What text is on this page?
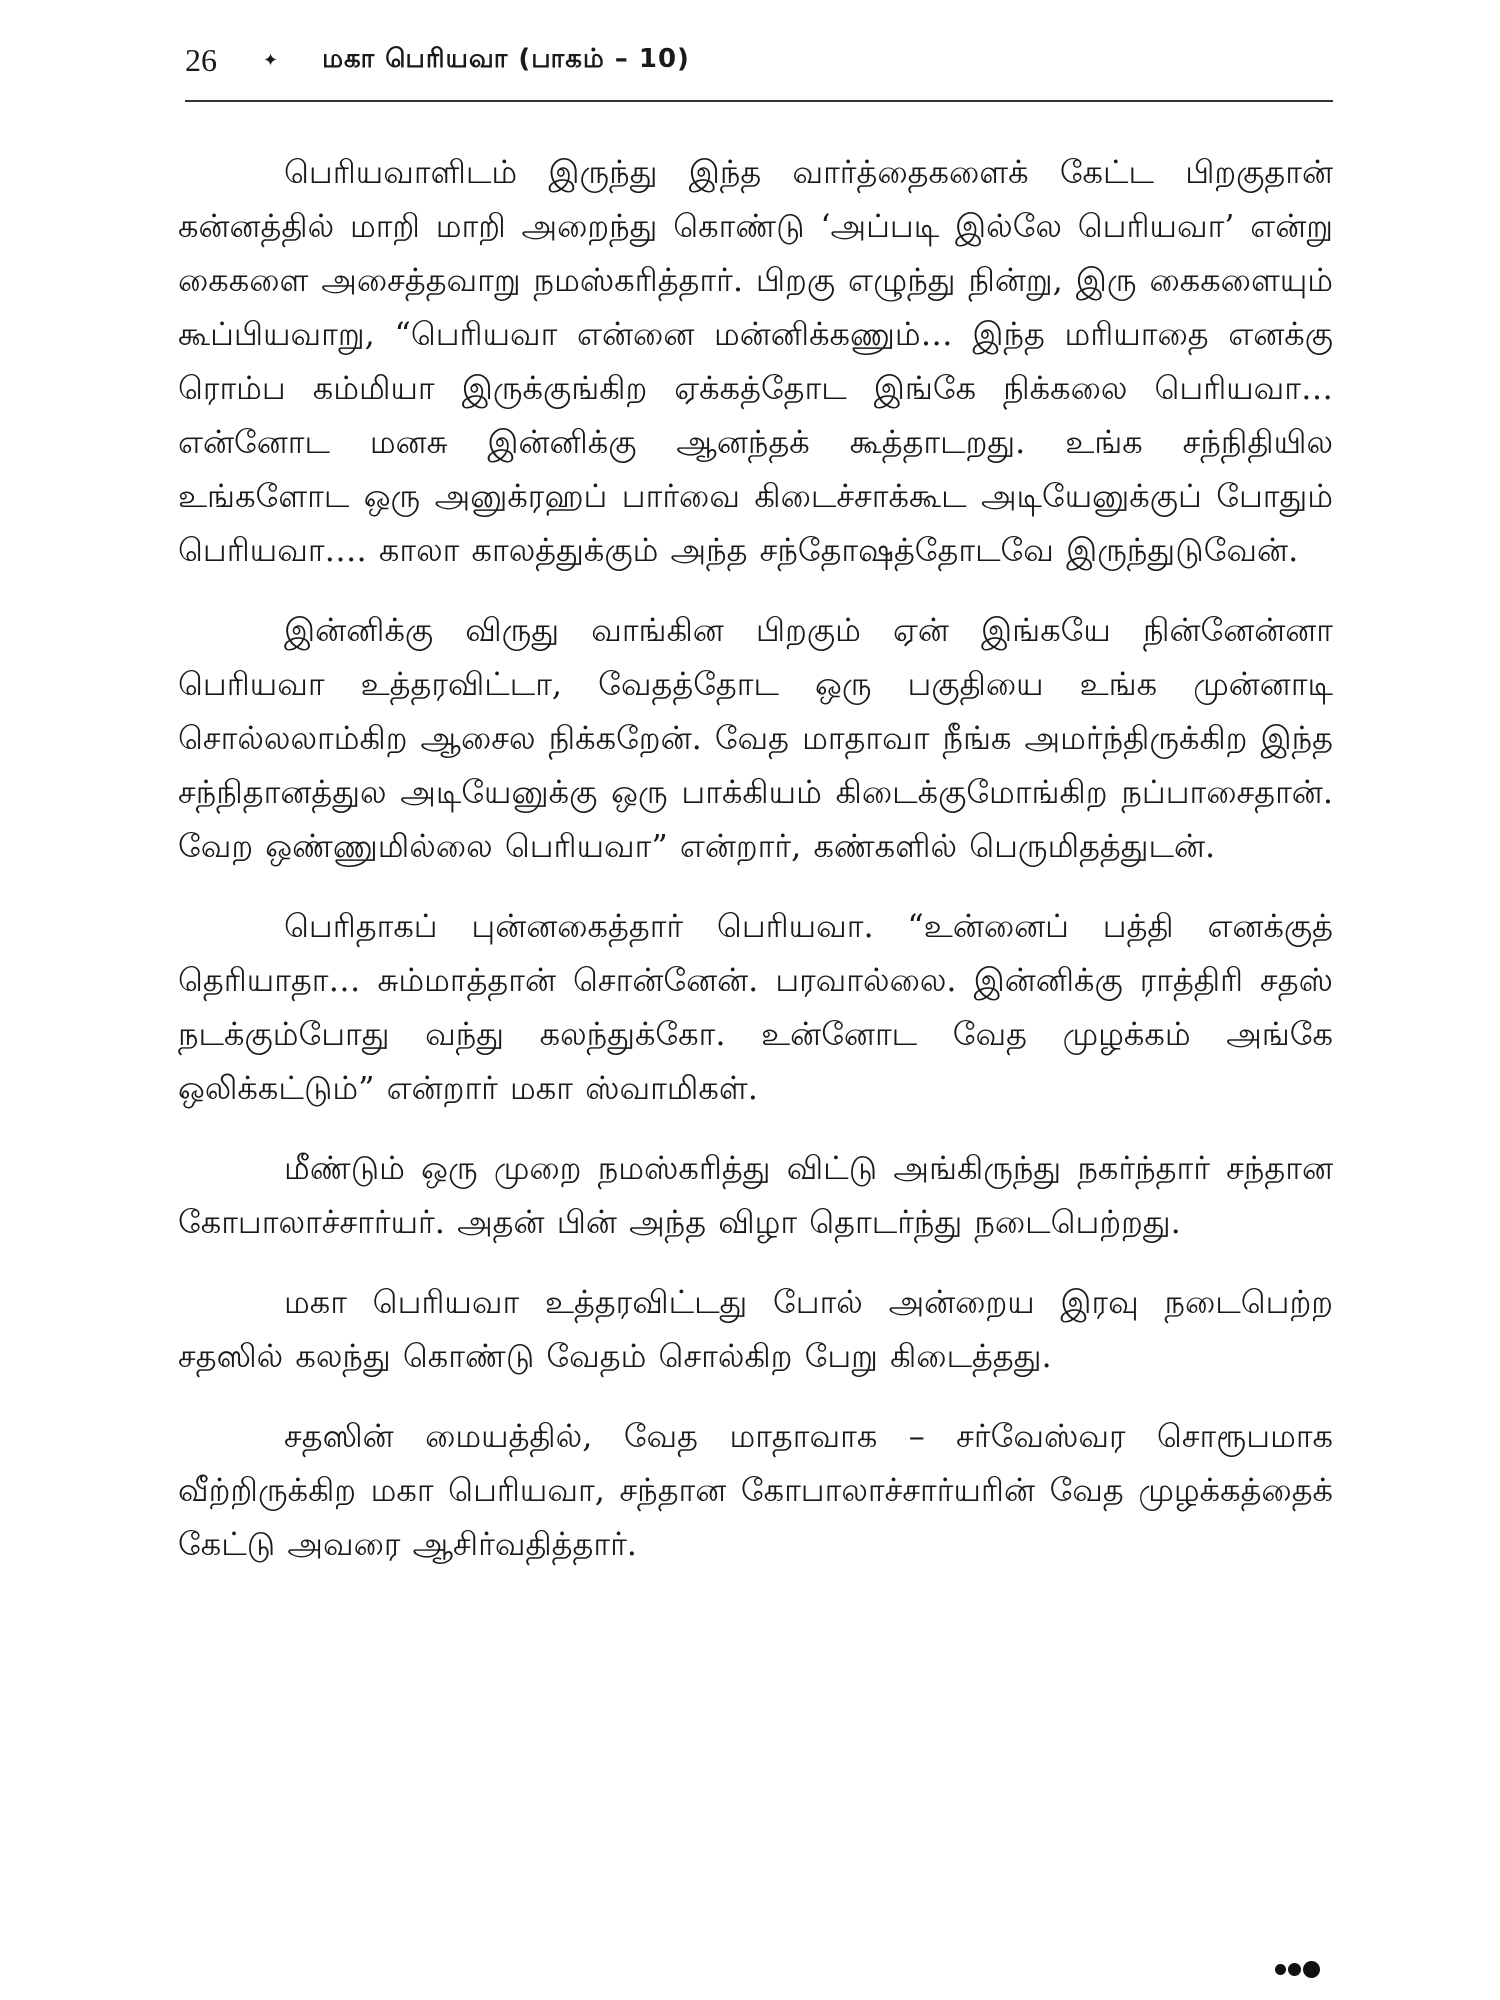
26	✦ மகா பெரியவா (பாகம் – 10)

பெரியவாளிடம் இருந்து இந்த வார்த்தைகளைக் கேட்ட பிறகுதான் கன்னத்தில் மாறி மாறி அறைந்து கொண்டு ‘அப்படி இல்லே பெரியவா’ என்று கைகளை அசைத்தவாறு நமஸ்கரித்தார். பிறகு எழுந்து நின்று, இரு கைகளையும் கூப்பியவாறு, “பெரியவா என்னை மன்னிக்கணும்… இந்த மரியாதை எனக்கு ரொம்ப கம்மியா இருக்குங்கிற ஏக்கத்தோட இங்கே நிக்கலை பெரியவா… என்னோட மனசு இன்னிக்கு ஆனந்தக் கூத்தாடறது. உங்க சந்நிதியில உங்களோட ஒரு அனுக்ரஹப் பார்வை கிடைச்சாக்கூட அடியேனுக்குப் போதும் பெரியவா…. காலா காலத்துக்கும் அந்த சந்தோஷத்தோடவே இருந்துடுவேன்.

இன்னிக்கு விருது வாங்கின பிறகும் ஏன் இங்கயே நின்னேன்னா பெரியவா உத்தரவிட்டா, வேதத்தோட ஒரு பகுதியை உங்க முன்னாடி சொல்லலாம்கிற ஆசைல நிக்கறேன். வேத மாதாவா நீங்க அமர்ந்திருக்கிற இந்த சந்நிதானத்துல அடியேனுக்கு ஒரு பாக்கியம் கிடைக்குமோங்கிற நப்பாசைதான். வேற ஒண்ணுமில்லை பெரியவா” என்றார், கண்களில் பெருமிதத்துடன்.

பெரிதாகப் புன்னகைத்தார் பெரியவா. “உன்னைப் பத்தி எனக்குத் தெரியாதா… சும்மாத்தான் சொன்னேன். பரவால்லை. இன்னிக்கு ராத்திரி சதஸ் நடக்கும்போது வந்து கலந்துக்கோ. உன்னோட வேத முழக்கம் அங்கே ஒலிக்கட்டும்” என்றார் மகா ஸ்வாமிகள்.

மீண்டும் ஒரு முறை நமஸ்கரித்து விட்டு அங்கிருந்து நகர்ந்தார் சந்தான கோபாலாச்சார்யர். அதன் பின் அந்த விழா தொடர்ந்து நடைபெற்றது.

மகா பெரியவா உத்தரவிட்டது போல் அன்றைய இரவு நடைபெற்ற சதஸில் கலந்து கொண்டு வேதம் சொல்கிற பேறு கிடைத்தது.

சதஸின் மையத்தில், வேத மாதாவாக – சர்வேஸ்வர சொரூபமாக வீற்றிருக்கிற மகா பெரியவா, சந்தான கோபாலாச்சார்யரின் வேத முழக்கத்தைக் கேட்டு அவரை ஆசிர்வதித்தார்.
